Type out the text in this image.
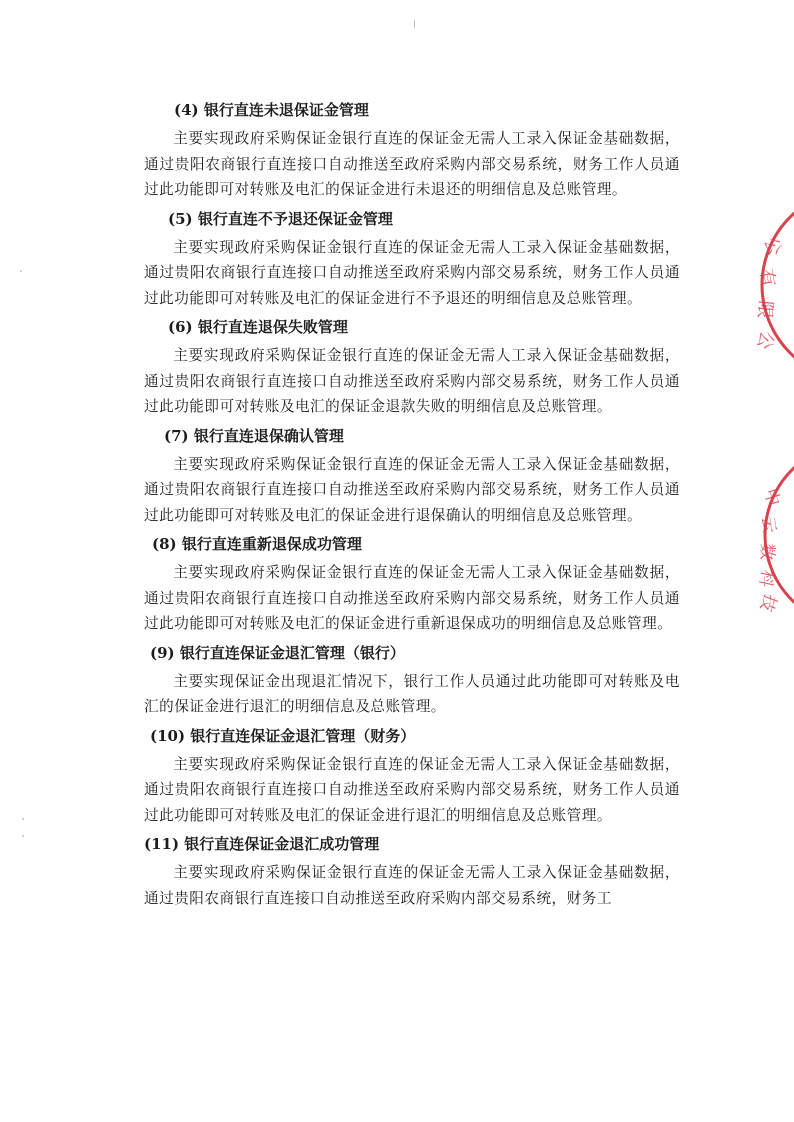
(4) 银行直连未退保证金管理

主要实现政府采购保证金银行直连的保证金无需人工录入保证金基础数据，通过贵阳农商银行直连接口自动推送至政府采购内部交易系统，财务工作人员通过此功能即可对转账及电汇的保证金进行未退还的明细信息及总账管理。

(5) 银行直连不予退还保证金管理

主要实现政府采购保证金银行直连的保证金无需人工录入保证金基础数据，通过贵阳农商银行直连接口自动推送至政府采购内部交易系统，财务工作人员通过此功能即可对转账及电汇的保证金进行不予退还的明细信息及总账管理。

(6) 银行直连退保失败管理

主要实现政府采购保证金银行直连的保证金无需人工录入保证金基础数据，通过贵阳农商银行直连接口自动推送至政府采购内部交易系统，财务工作人员通过此功能即可对转账及电汇的保证金退款失败的明细信息及总账管理。

(7) 银行直连退保确认管理

主要实现政府采购保证金银行直连的保证金无需人工录入保证金基础数据，通过贵阳农商银行直连接口自动推送至政府采购内部交易系统，财务工作人员通过此功能即可对转账及电汇的保证金进行退保确认的明细信息及总账管理。

(8) 银行直连重新退保成功管理

主要实现政府采购保证金银行直连的保证金无需人工录入保证金基础数据，通过贵阳农商银行直连接口自动推送至政府采购内部交易系统，财务工作人员通过此功能即可对转账及电汇的保证金进行重新退保成功的明细信息及总账管理。

(9) 银行直连保证金退汇管理（银行）

主要实现保证金出现退汇情况下，银行工作人员通过此功能即可对转账及电汇的保证金进行退汇的明细信息及总账管理。

(10) 银行直连保证金退汇管理（财务）

主要实现政府采购保证金银行直连的保证金无需人工录入保证金基础数据，通过贵阳农商银行直连接口自动推送至政府采购内部交易系统，财务工作人员通过此功能即可对转账及电汇的保证金进行退汇的明细信息及总账管理。

(11) 银行直连保证金退汇成功管理

主要实现政府采购保证金银行直连的保证金无需人工录入保证金基础数据，通过贵阳农商银行直连接口自动推送至政府采购内部交易系统，财务工

公
有
限
公
中
云
数
科
技
